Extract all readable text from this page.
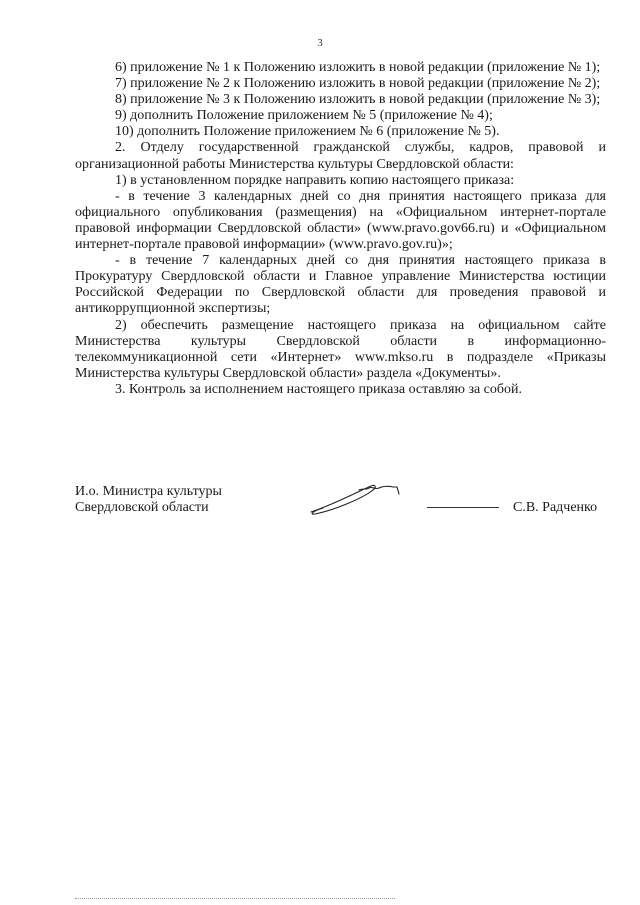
3

6) приложение № 1 к Положению изложить в новой редакции (приложение № 1);

7) приложение № 2 к Положению изложить в новой редакции (приложение № 2);

8) приложение № 3 к Положению изложить в новой редакции (приложение № 3);

9) дополнить Положение приложением № 5 (приложение № 4);

10) дополнить Положение приложением № 6 (приложение № 5).

2. Отделу государственной гражданской службы, кадров, правовой и организационной работы Министерства культуры Свердловской области:

1) в установленном порядке направить копию настоящего приказа:

- в течение 3 календарных дней со дня принятия настоящего приказа для официального опубликования (размещения) на «Официальном интернет-портале правовой информации Свердловской области» (www.pravo.gov66.ru) и «Официальном интернет-портале правовой информации» (www.pravo.gov.ru)»;

- в течение 7 календарных дней со дня принятия настоящего приказа в Прокуратуру Свердловской области и Главное управление Министерства юстиции Российской Федерации по Свердловской области для проведения правовой и антикоррупционной экспертизы;

2) обеспечить размещение настоящего приказа на официальном сайте Министерства культуры Свердловской области в информационно-телекоммуникационной сети «Интернет» www.mkso.ru в подразделе «Приказы Министерства культуры Свердловской области» раздела «Документы».

3. Контроль за исполнением настоящего приказа оставляю за собой.

И.о. Министра культуры
Свердловской области	С.В. Радченко
